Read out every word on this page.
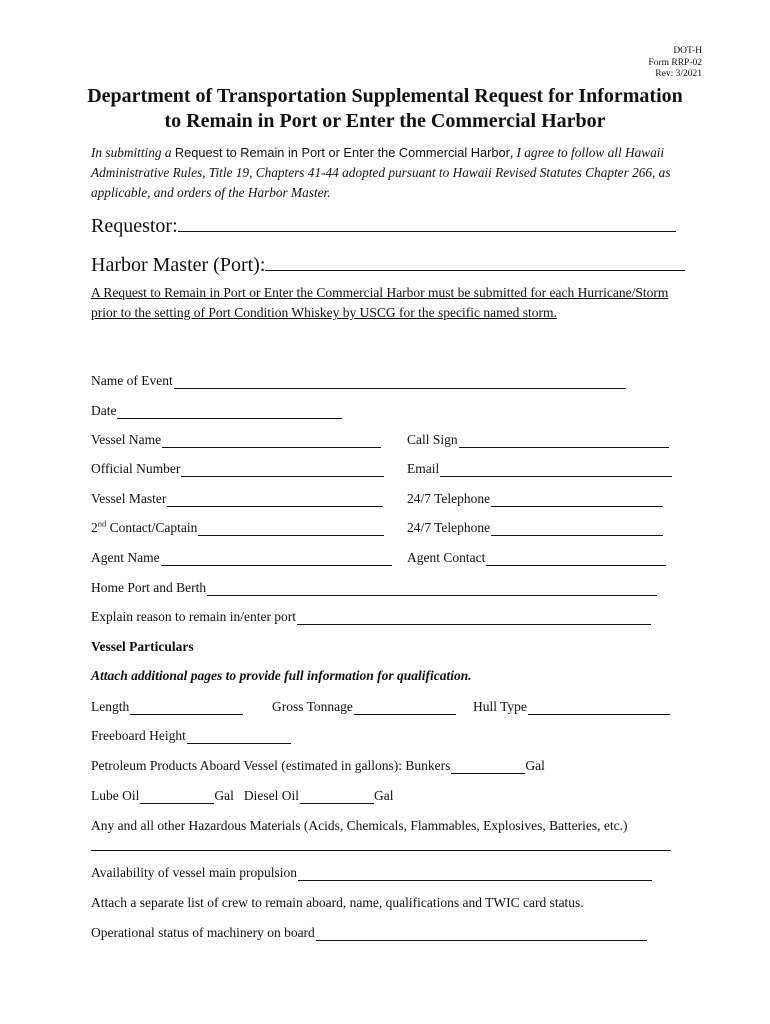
DOT-H
Form RRP-02
Rev: 3/2021
Department of Transportation Supplemental Request for Information
to Remain in Port or Enter the Commercial Harbor
In submitting a Request to Remain in Port or Enter the Commercial Harbor, I agree to follow all Hawaii Administrative Rules, Title 19, Chapters 41-44 adopted pursuant to Hawaii Revised Statutes Chapter 266, as applicable, and orders of the Harbor Master.
Requestor:
Harbor Master (Port):
A Request to Remain in Port or Enter the Commercial Harbor must be submitted for each Hurricane/Storm prior to the setting of Port Condition Whiskey by USCG for the specific named storm.
Name of Event
Date
Vessel Name	Call Sign
Official Number	Email
Vessel Master	24/7 Telephone
2nd Contact/Captain	24/7 Telephone
Agent Name	Agent Contact
Home Port and Berth
Explain reason to remain in/enter port
Vessel Particulars
Attach additional pages to provide full information for qualification.
Length	Gross Tonnage	Hull Type
Freeboard Height
Petroleum Products Aboard Vessel (estimated in gallons): Bunkers	Gal
Lube Oil	Gal Diesel Oil	Gal
Any and all other Hazardous Materials (Acids, Chemicals, Flammables, Explosives, Batteries, etc.)
Availability of vessel main propulsion
Attach a separate list of crew to remain aboard, name, qualifications and TWIC card status.
Operational status of machinery on board
